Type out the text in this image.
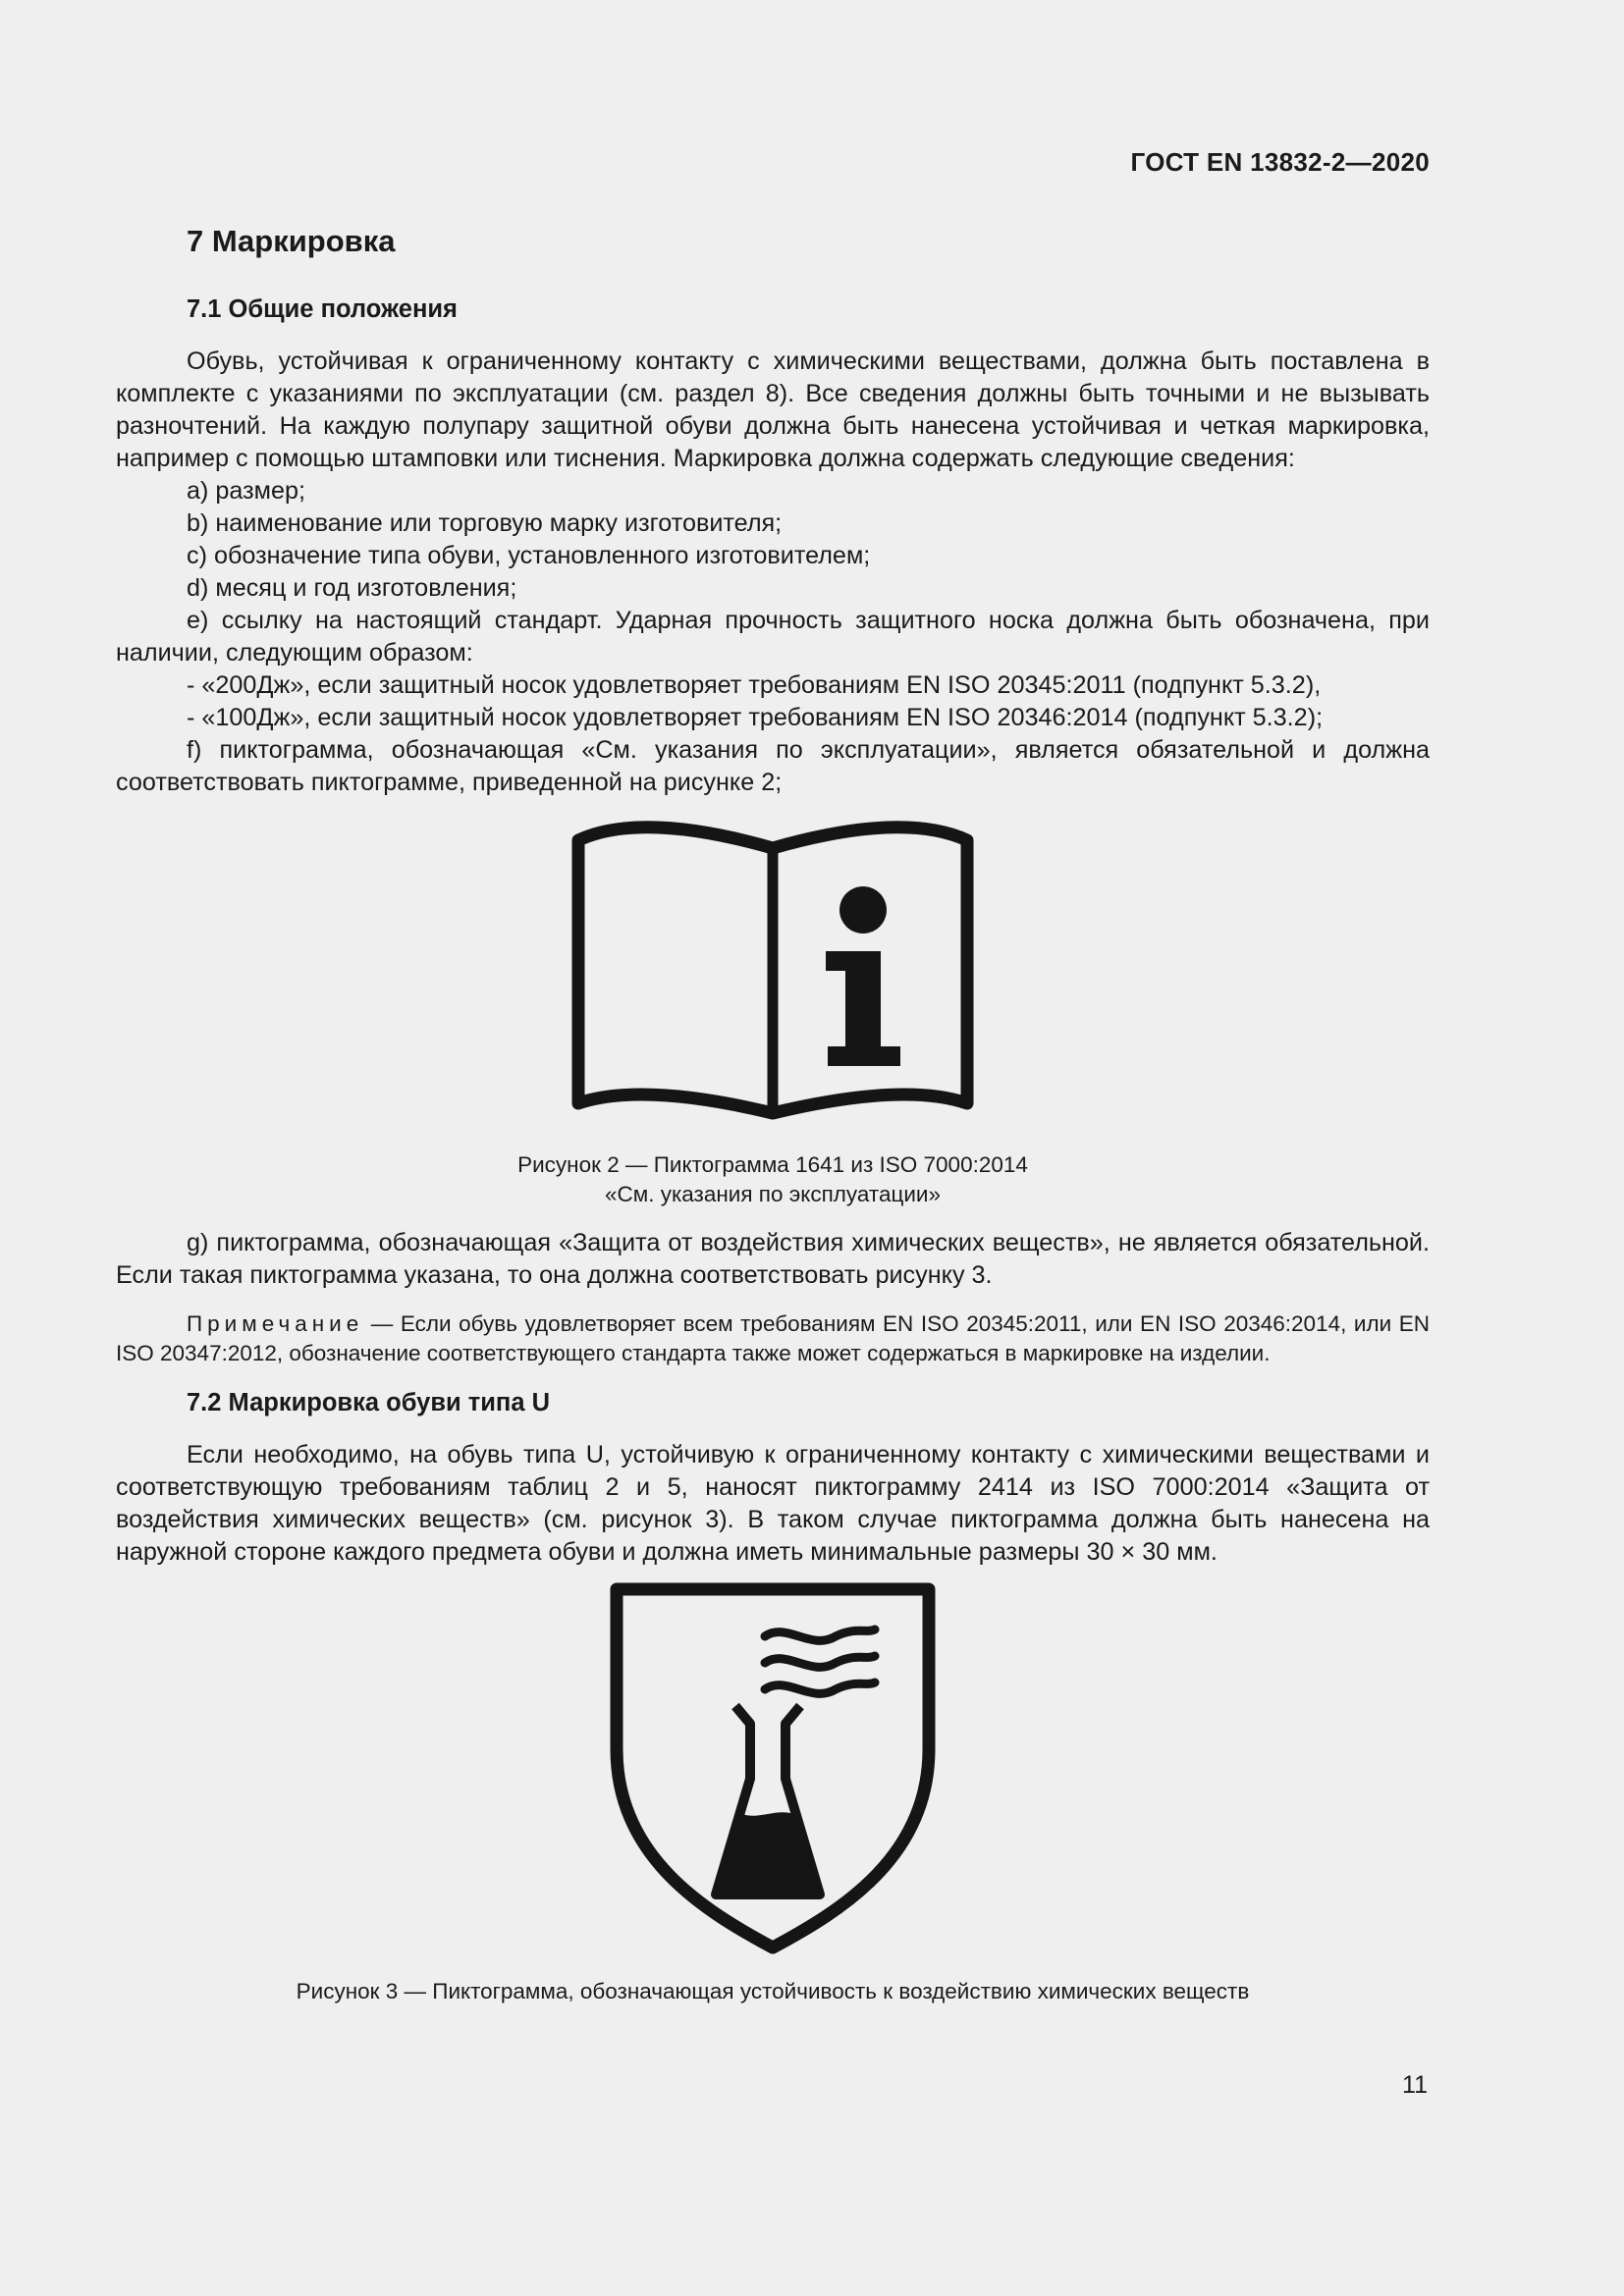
ГОСТ EN 13832-2—2020
7 Маркировка
7.1 Общие положения

Обувь, устойчивая к ограниченному контакту с химическими веществами, должна быть поставлена в комплекте с указаниями по эксплуатации (см. раздел 8). Все сведения должны быть точными и не вызывать разночтений. На каждую полупару защитной обуви должна быть нанесена устойчивая и четкая маркировка, например с помощью штамповки или тиснения. Маркировка должна содержать следующие сведения:

a) размер;

b) наименование или торговую марку изготовителя;

c) обозначение типа обуви, установленного изготовителем;

d) месяц и год изготовления;

e) ссылку на настоящий стандарт. Ударная прочность защитного носка должна быть обозначена, при наличии, следующим образом:

- «200Дж», если защитный носок удовлетворяет требованиям EN ISO 20345:2011 (подпункт 5.3.2),

- «100Дж», если защитный носок удовлетворяет требованиям EN ISO 20346:2014 (подпункт 5.3.2);

f) пиктограмма, обозначающая «См. указания по эксплуатации», является обязательной и должна соответствовать пиктограмме, приведенной на рисунке 2;

Рисунок 2 — Пиктограмма 1641 из ISO 7000:2014
«См. указания по эксплуатации»

g) пиктограмма, обозначающая «Защита от воздействия химических веществ», не является обязательной. Если такая пиктограмма указана, то она должна соответствовать рисунку 3.

Примечание — Если обувь удовлетворяет всем требованиям EN ISO 20345:2011, или EN ISO 20346:2014, или EN ISO 20347:2012, обозначение соответствующего стандарта также может содержаться в маркировке на изделии.

7.2 Маркировка обуви типа U

Если необходимо, на обувь типа U, устойчивую к ограниченному контакту с химическими веществами и соответствующую требованиям таблиц 2 и 5, наносят пиктограмму 2414 из ISO 7000:2014 «Защита от воздействия химических веществ» (см. рисунок 3). В таком случае пиктограмма должна быть нанесена на наружной стороне каждого предмета обуви и должна иметь минимальные размеры 30 × 30 мм.

Рисунок 3 — Пиктограмма, обозначающая устойчивость к воздействию химических веществ
11
